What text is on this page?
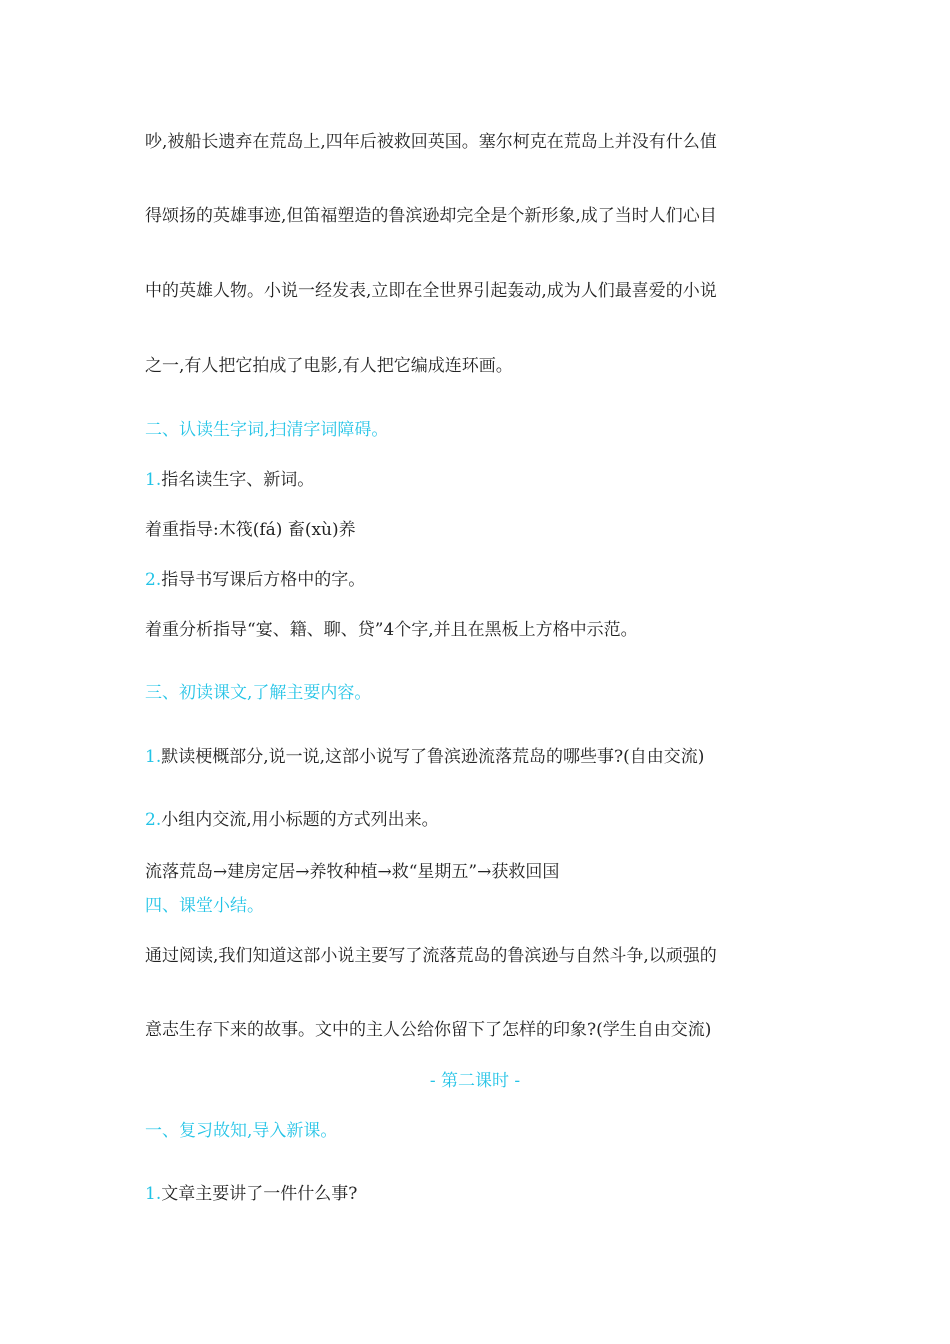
吵,被船长遗弃在荒岛上,四年后被救回英国。塞尔柯克在荒岛上并没有什么值
得颂扬的英雄事迹,但笛福塑造的鲁滨逊却完全是个新形象,成了当时人们心目
中的英雄人物。小说一经发表,立即在全世界引起轰动,成为人们最喜爱的小说
之一,有人把它拍成了电影,有人把它编成连环画。
二、认读生字词,扫清字词障碍。
1.指名读生字、新词。
着重指导:木筏(fá) 畜(xù)养
2.指导书写课后方格中的字。
着重分析指导“宴、籍、聊、贷”4个字,并且在黑板上方格中示范。
三、初读课文,了解主要内容。
1.默读梗概部分,说一说,这部小说写了鲁滨逊流落荒岛的哪些事?(自由交流)
2.小组内交流,用小标题的方式列出来。
流落荒岛→建房定居→养牧种植→救“星期五”→获救回国
四、课堂小结。
通过阅读,我们知道这部小说主要写了流落荒岛的鲁滨逊与自然斗争,以顽强的
意志生存下来的故事。文中的主人公给你留下了怎样的印象?(学生自由交流)
- 第二课时 -
一、复习故知,导入新课。
1.文章主要讲了一件什么事?
